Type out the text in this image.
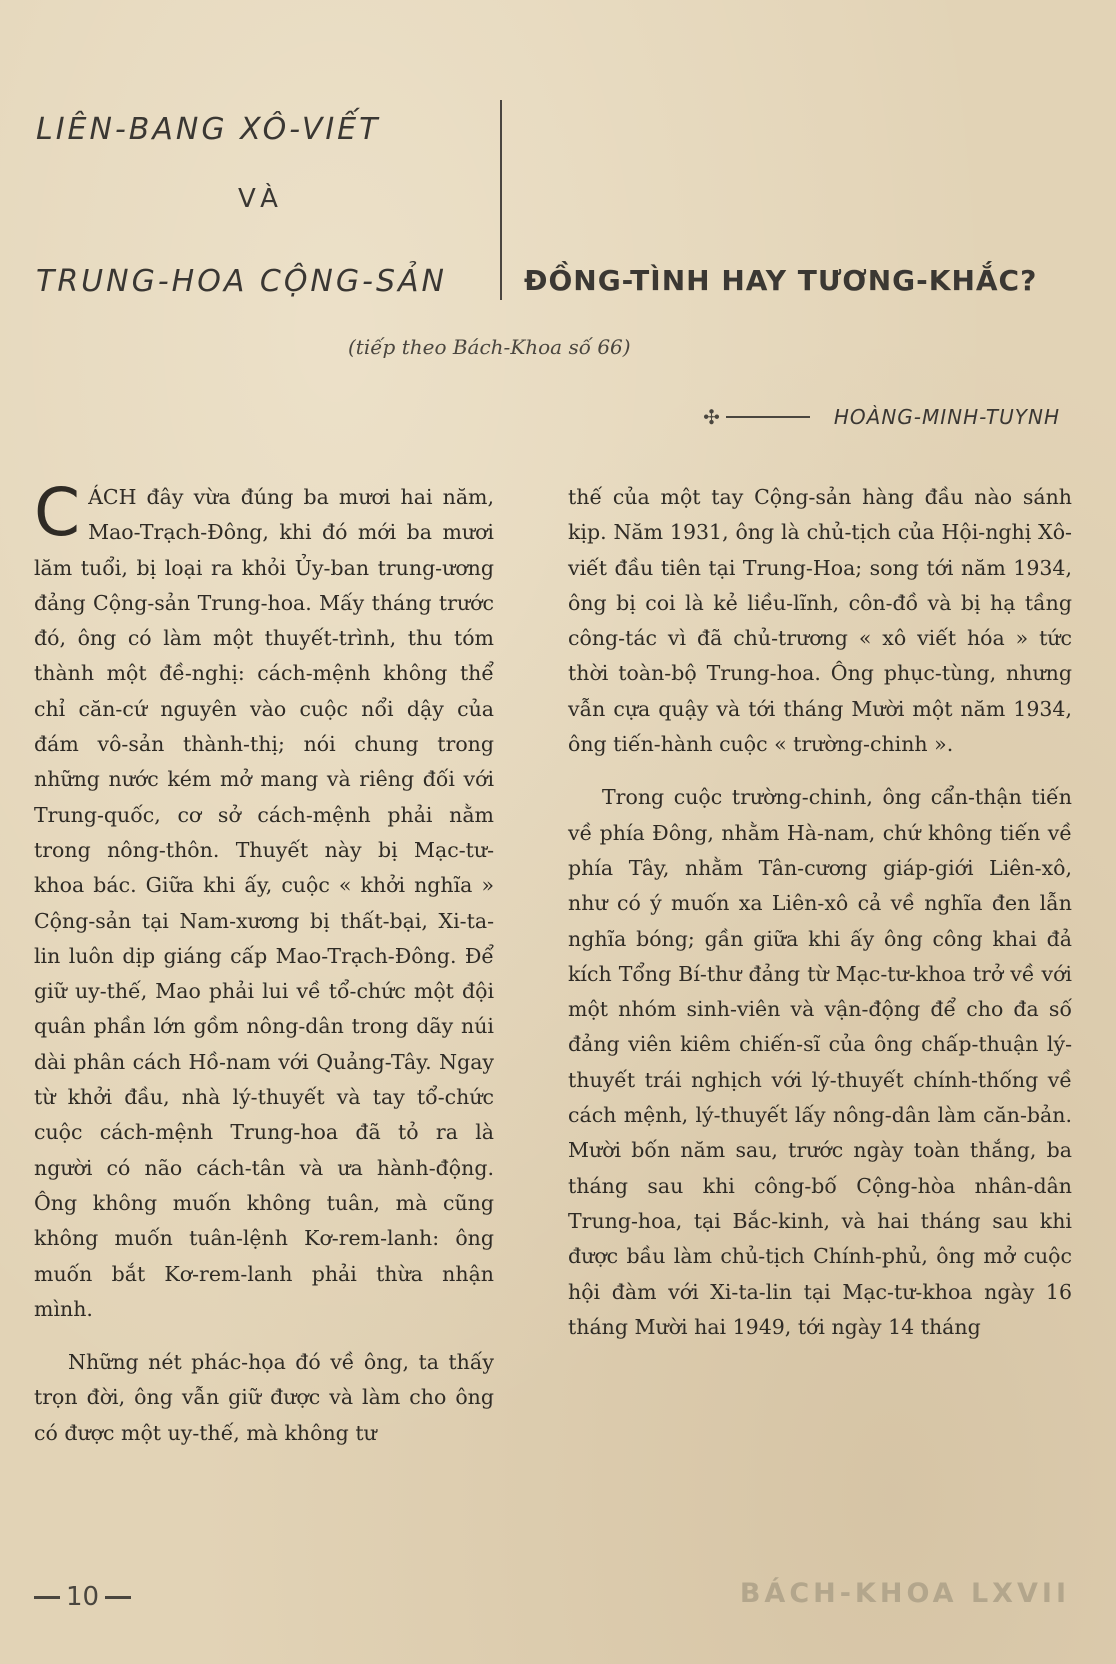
LIÊN-BANG XÔ-VIẾT
VÀ
TRUNG-HOA CỘNG-SẢN	ĐỒNG-TÌNH HAY TƯƠNG-KHẮC?
(tiếp theo Bách-Khoa số 66)
✣	HOÀNG-MINH-TUYNH

CÁCH đây vừa đúng ba mươi hai năm, Mao-Trạch-Đông, khi đó mới ba mươi lăm tuổi, bị loại ra khỏi Ủy-ban trung-ương đảng Cộng-sản Trung-hoa. Mấy tháng trước đó, ông có làm một thuyết-trình, thu tóm thành một đề-nghị: cách-mệnh không thể chỉ căn-cứ nguyên vào cuộc nổi dậy của đám vô-sản thành-thị; nói chung trong những nước kém mở mang và riêng đối với Trung-quốc, cơ sở cách-mệnh phải nằm trong nông-thôn. Thuyết này bị Mạc-tư-khoa bác. Giữa khi ấy, cuộc « khởi nghĩa » Cộng-sản tại Nam-xương bị thất-bại, Xi-ta-lin luôn dịp giáng cấp Mao-Trạch-Đông. Để giữ uy-thế, Mao phải lui về tổ-chức một đội quân phần lớn gồm nông-dân trong dãy núi dài phân cách Hồ-nam với Quảng-Tây. Ngay từ khởi đầu, nhà lý-thuyết và tay tổ-chức cuộc cách-mệnh Trung-hoa đã tỏ ra là người có não cách-tân và ưa hành-động. Ông không muốn không tuân, mà cũng không muốn tuân-lệnh Kơ-rem-lanh: ông muốn bắt Kơ-rem-lanh phải thừa nhận mình.

Những nét phác-họa đó về ông, ta thấy trọn đời, ông vẫn giữ được và làm cho ông có được một uy-thế, mà không tư

thế của một tay Cộng-sản hàng đầu nào sánh kịp. Năm 1931, ông là chủ-tịch của Hội-nghị Xô-viết đầu tiên tại Trung-Hoa; song tới năm 1934, ông bị coi là kẻ liều-lĩnh, côn-đồ và bị hạ tầng công-tác vì đã chủ-trương « xô viết hóa » tức thời toàn-bộ Trung-hoa. Ông phục-tùng, nhưng vẫn cựa quậy và tới tháng Mười một năm 1934, ông tiến-hành cuộc « trường-chinh ».

Trong cuộc trường-chinh, ông cẩn-thận tiến về phía Đông, nhằm Hà-nam, chứ không tiến về phía Tây, nhằm Tân-cương giáp-giới Liên-xô, như có ý muốn xa Liên-xô cả về nghĩa đen lẫn nghĩa bóng; gần giữa khi ấy ông công khai đả kích Tổng Bí-thư đảng từ Mạc-tư-khoa trở về với một nhóm sinh-viên và vận-động để cho đa số đảng viên kiêm chiến-sĩ của ông chấp-thuận lý-thuyết trái nghịch với lý-thuyết chính-thống về cách mệnh, lý-thuyết lấy nông-dân làm căn-bản. Mười bốn năm sau, trước ngày toàn thắng, ba tháng sau khi công-bố Cộng-hòa nhân-dân Trung-hoa, tại Bắc-kinh, và hai tháng sau khi được bầu làm chủ-tịch Chính-phủ, ông mở cuộc hội đàm với Xi-ta-lin tại Mạc-tư-khoa ngày 16 tháng Mười hai 1949, tới ngày 14 tháng

10	BÁCH-KHOA LXVII
